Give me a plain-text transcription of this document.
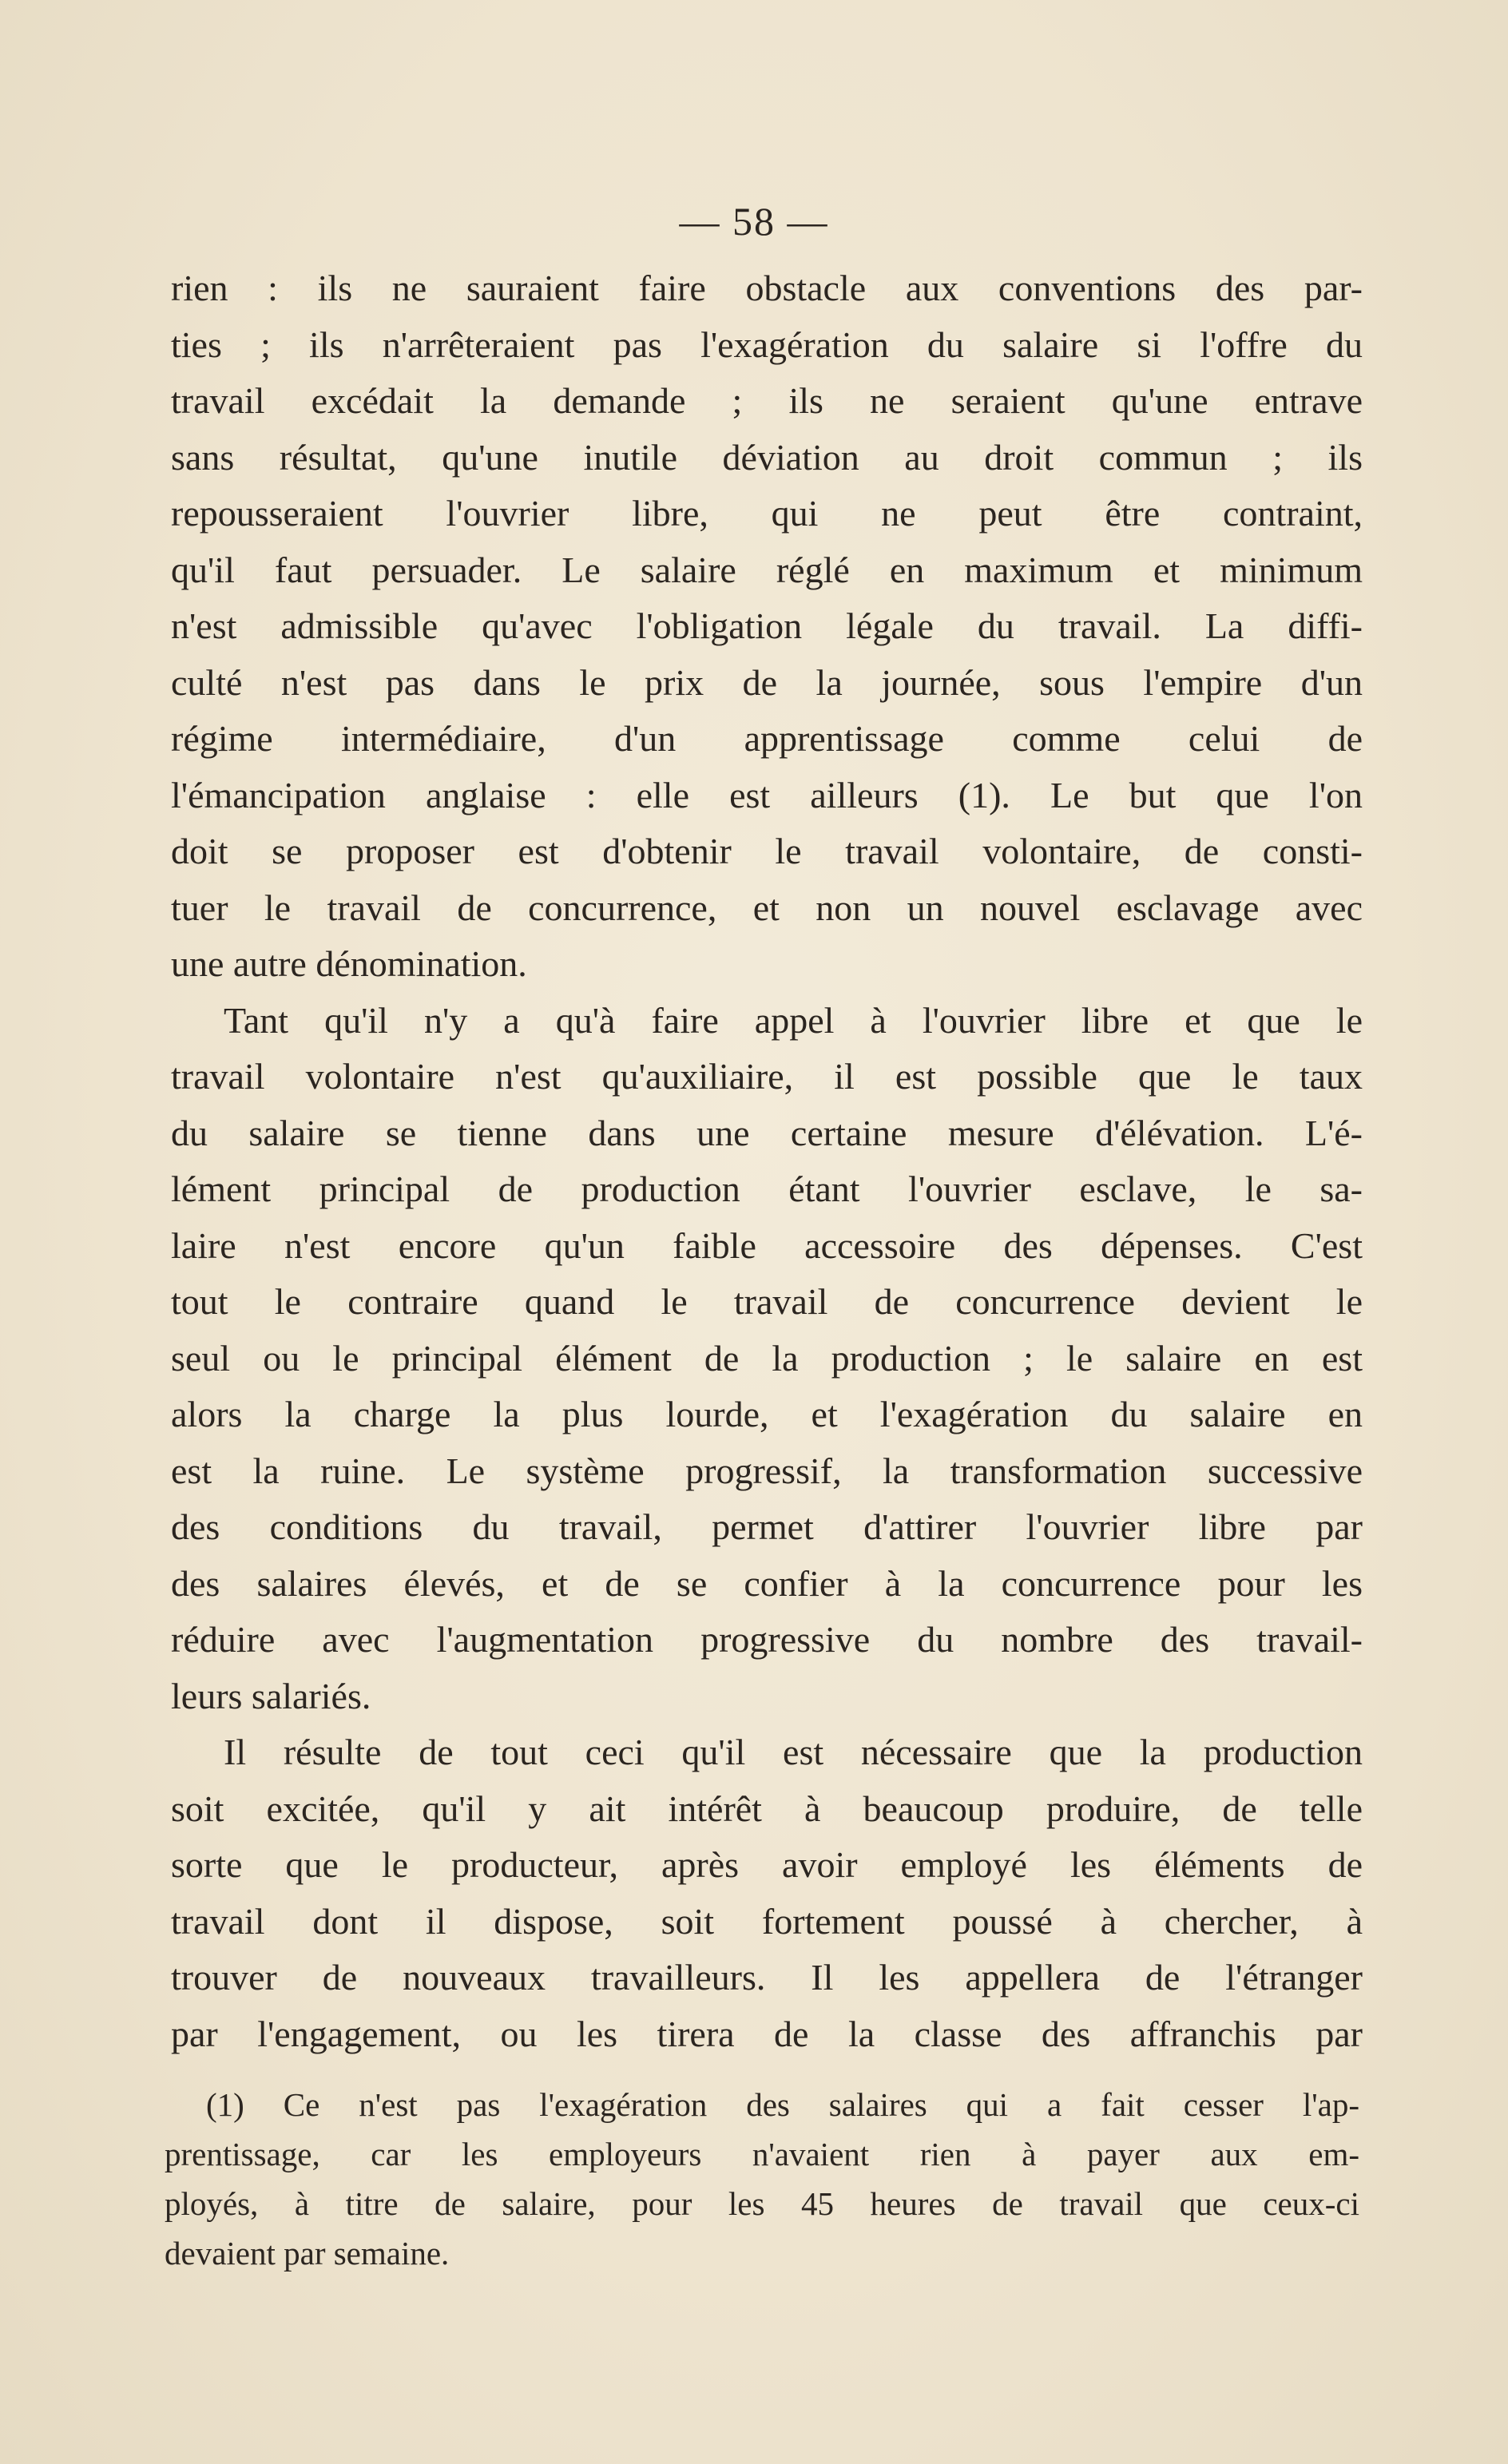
— 58 —
rien : ils ne sauraient faire obstacle aux conventions des par-
ties ; ils n'arrêteraient pas l'exagération du salaire si l'offre du
travail excédait la demande ; ils ne seraient qu'une entrave
sans résultat, qu'une inutile déviation au droit commun ; ils
repousseraient l'ouvrier libre, qui ne peut être contraint,
qu'il faut persuader. Le salaire réglé en maximum et minimum
n'est admissible qu'avec l'obligation légale du travail. La diffi-
culté n'est pas dans le prix de la journée, sous l'empire d'un
régime intermédiaire, d'un apprentissage comme celui de
l'émancipation anglaise : elle est ailleurs (1). Le but que l'on
doit se proposer est d'obtenir le travail volontaire, de consti-
tuer le travail de concurrence, et non un nouvel esclavage avec
une autre dénomination.
Tant qu'il n'y a qu'à faire appel à l'ouvrier libre et que le
travail volontaire n'est qu'auxiliaire, il est possible que le taux
du salaire se tienne dans une certaine mesure d'élévation. L'é-
lément principal de production étant l'ouvrier esclave, le sa-
laire n'est encore qu'un faible accessoire des dépenses. C'est
tout le contraire quand le travail de concurrence devient le
seul ou le principal élément de la production ; le salaire en est
alors la charge la plus lourde, et l'exagération du salaire en
est la ruine. Le système progressif, la transformation successive
des conditions du travail, permet d'attirer l'ouvrier libre par
des salaires élevés, et de se confier à la concurrence pour les
réduire avec l'augmentation progressive du nombre des travail-
leurs salariés.
Il résulte de tout ceci qu'il est nécessaire que la production
soit excitée, qu'il y ait intérêt à beaucoup produire, de telle
sorte que le producteur, après avoir employé les éléments de
travail dont il dispose, soit fortement poussé à chercher, à
trouver de nouveaux travailleurs. Il les appellera de l'étranger
par l'engagement, ou les tirera de la classe des affranchis par
(1) Ce n'est pas l'exagération des salaires qui a fait cesser l'ap-
prentissage, car les employeurs n'avaient rien à payer aux em-
ployés, à titre de salaire, pour les 45 heures de travail que ceux-ci
devaient par semaine.
